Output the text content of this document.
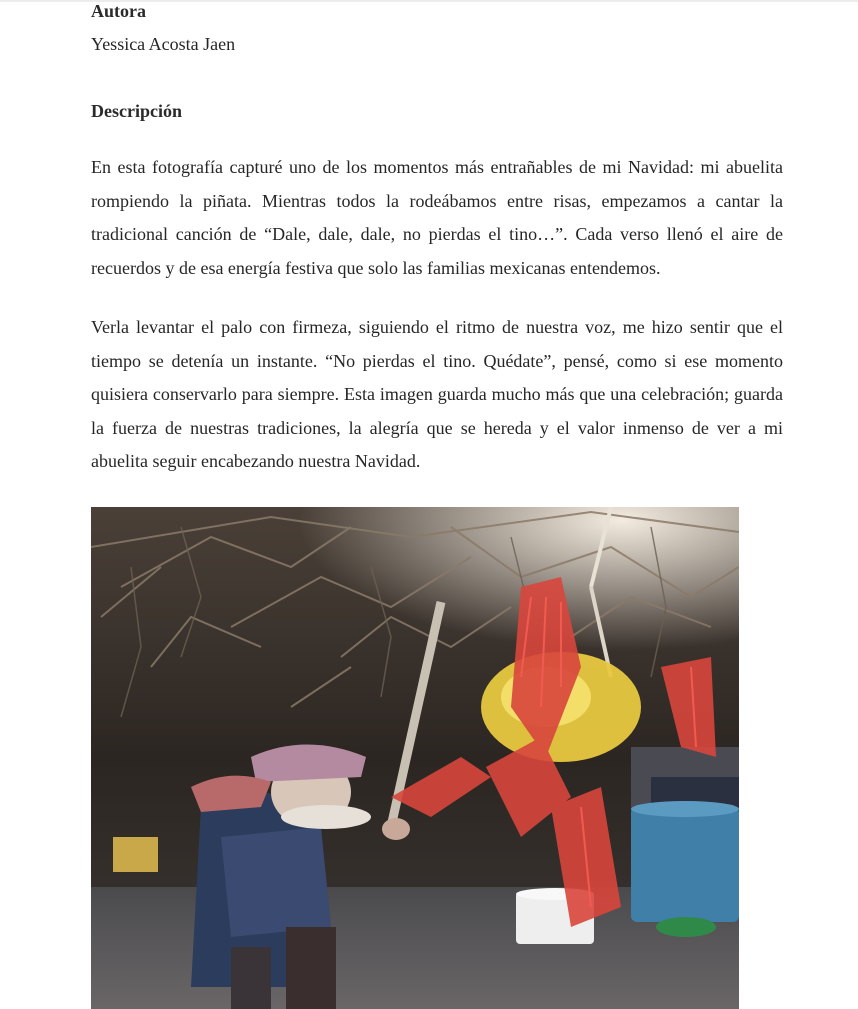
Autora

Yessica Acosta Jaen

Descripción

En esta fotografía capturé uno de los momentos más entrañables de mi Navidad: mi abuelita rompiendo la piñata. Mientras todos la rodeábamos entre risas, empezamos a cantar la tradicional canción de “Dale, dale, dale, no pierdas el tino…”. Cada verso llenó el aire de recuerdos y de esa energía festiva que solo las familias mexicanas entendemos.

Verla levantar el palo con firmeza, siguiendo el ritmo de nuestra voz, me hizo sentir que el tiempo se detenía un instante. “No pierdas el tino. Quédate”, pensé, como si ese momento quisiera conservarlo para siempre. Esta imagen guarda mucho más que una celebración; guarda la fuerza de nuestras tradiciones, la alegría que se hereda y el valor inmenso de ver a mi abuelita seguir encabezando nuestra Navidad.
